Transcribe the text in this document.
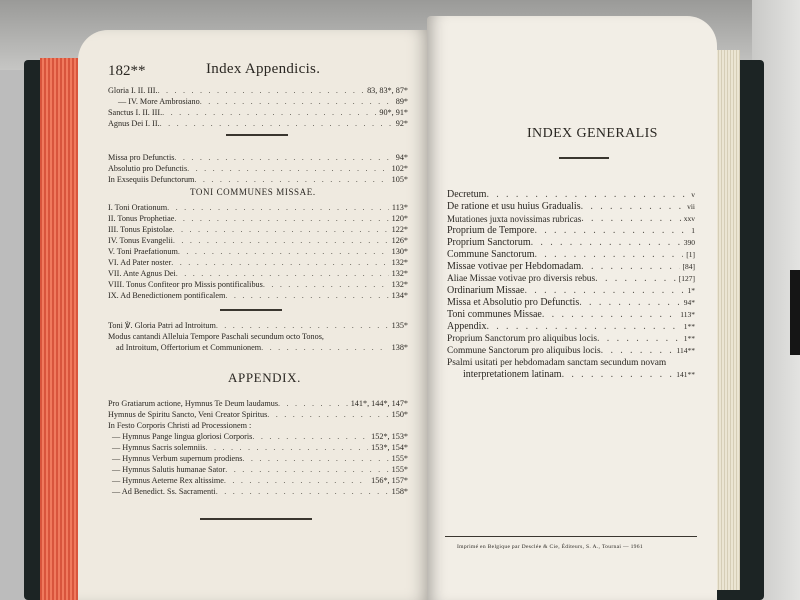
182**	Index Appendicis.
Gloria I. II. III. . . .	83, 83*, 87*
— IV. More Ambrosiano . . .	89*
Sanctus I. II. III. . . .	90*, 91*
Agnus Dei I. II. . . .	92*
Missa pro Defunctis . . .	94*
Absolutio pro Defunctis . . .	102*
In Exsequiis Defunctorum . . .	105*
TONI COMMUNES MISSAE.
I. Toni Orationum . . .	113*
II. Tonus Prophetiae . . .	120*
III. Tonus Epistolae . . .	122*
IV. Tonus Evangelii . . .	126*
V. Toni Praefationum . . .	130*
VI. Ad Pater noster . . .	132*
VII. Ante Agnus Dei . . .	132*
VIII. Tonus Confiteor pro Missis pontificalibus . . .	132*
IX. Ad Benedictionem pontificalem . . .	134*
Toni ℣. Gloria Patri ad Introitum . . .	135*
Modus cantandi Alleluia Tempore Paschali secundum octo Tonos,
ad Introitum, Offertorium et Communionem . . .	138*
APPENDIX.
Pro Gratiarum actione, Hymnus Te Deum laudamus . . .	141*, 144*, 147*
Hymnus de Spiritu Sancto, Veni Creator Spiritus . . .	150*
In Festo Corporis Christi ad Processionem :
— Hymnus Pange lingua gloriosi Corporis . . .	152*, 153*
— Hymnus Sacris solemniis . . .	153*, 154*
— Hymnus Verbum supernum prodiens . . .	155*
— Hymnus Salutis humanae Sator . . .	155*
— Hymnus Aeterne Rex altissime . . .	156*, 157*
— Ad Benedict. Ss. Sacramenti . . .	158*
INDEX GENERALIS
Decretum . . .	v
De ratione et usu huius Gradualis . . .	vii
Mutationes juxta novissimas rubricas . . .	xxv
Proprium de Tempore . . .	1
Proprium Sanctorum . . .	390
Commune Sanctorum . . .	[1]
Missae votivae per Hebdomadam . . .	[84]
Aliae Missae votivae pro diversis rebus . . .	[127]
Ordinarium Missae . . .	1*
Missa et Absolutio pro Defunctis . . .	94*
Toni communes Missae . . .	113*
Appendix . . .	1**
Proprium Sanctorum pro aliquibus locis . . .	1**
Commune Sanctorum pro aliquibus locis . . .	114**
Psalmi usitati per hebdomadam sanctam secundum novam
interpretationem latinam . . .	141**
Imprimé en Belgique par Desclée & Cie, Éditeurs, S. A., Tournai — 1961
